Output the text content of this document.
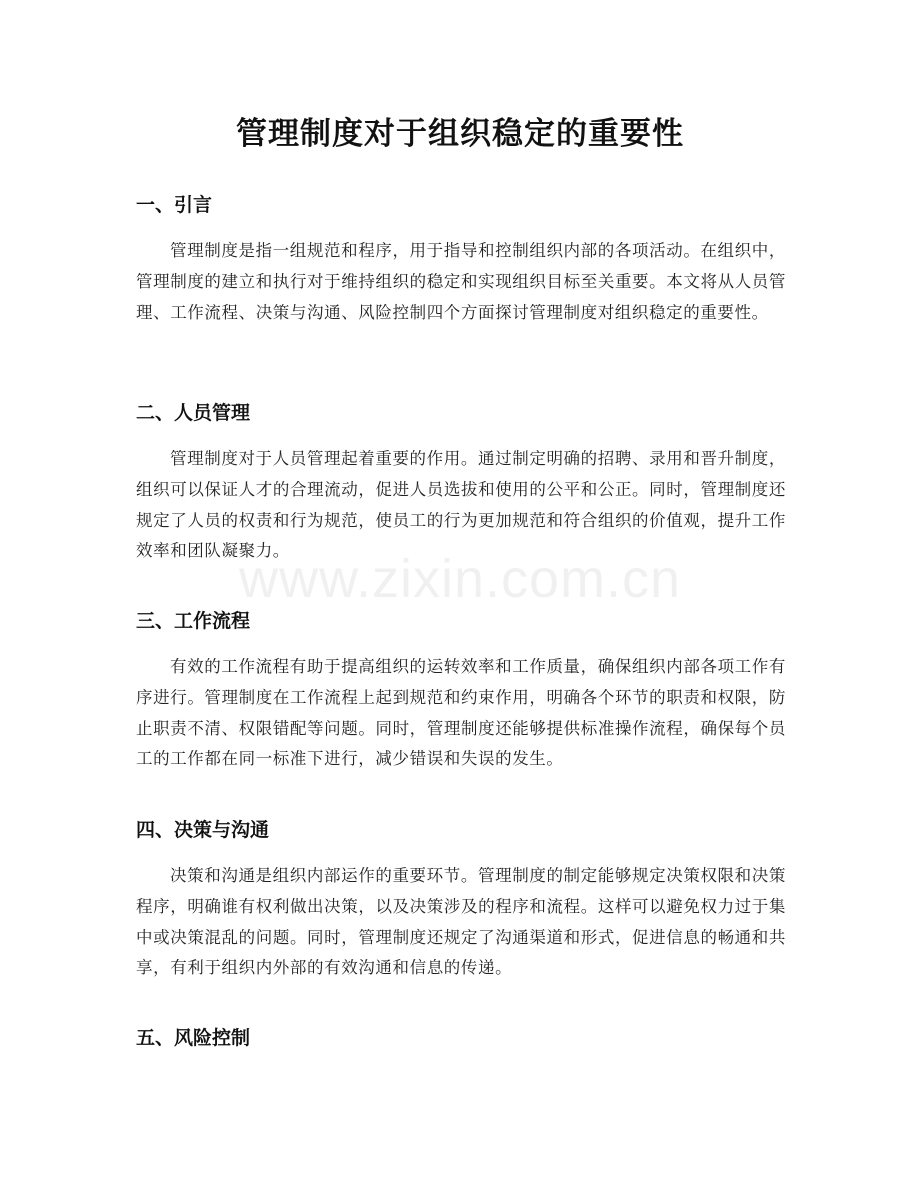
管理制度对于组织稳定的重要性
一、引言
管理制度是指一组规范和程序，用于指导和控制组织内部的各项活动。在组织中，管理制度的建立和执行对于维持组织的稳定和实现组织目标至关重要。本文将从人员管理、工作流程、决策与沟通、风险控制四个方面探讨管理制度对组织稳定的重要性。
二、人员管理
管理制度对于人员管理起着重要的作用。通过制定明确的招聘、录用和晋升制度，组织可以保证人才的合理流动，促进人员选拔和使用的公平和公正。同时，管理制度还规定了人员的权责和行为规范，使员工的行为更加规范和符合组织的价值观，提升工作效率和团队凝聚力。
www.zixin.com.cn
三、工作流程
有效的工作流程有助于提高组织的运转效率和工作质量，确保组织内部各项工作有序进行。管理制度在工作流程上起到规范和约束作用，明确各个环节的职责和权限，防止职责不清、权限错配等问题。同时，管理制度还能够提供标准操作流程，确保每个员工的工作都在同一标准下进行，减少错误和失误的发生。
四、决策与沟通
决策和沟通是组织内部运作的重要环节。管理制度的制定能够规定决策权限和决策程序，明确谁有权利做出决策，以及决策涉及的程序和流程。这样可以避免权力过于集中或决策混乱的问题。同时，管理制度还规定了沟通渠道和形式，促进信息的畅通和共享，有利于组织内外部的有效沟通和信息的传递。
五、风险控制
